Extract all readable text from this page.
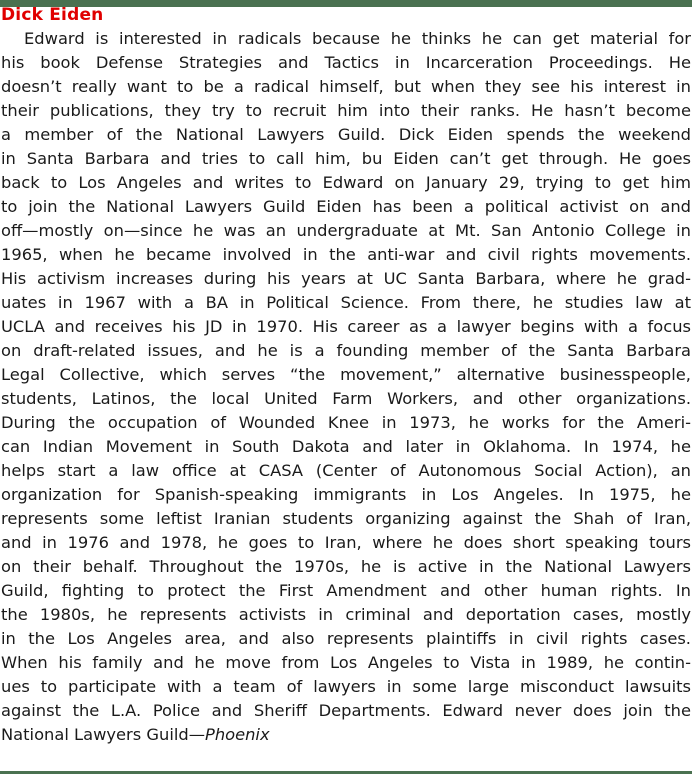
Dick Eiden
Edward is interested in radicals because he thinks he can get material for
his book Defense Strategies and Tactics in Incarceration Proceedings. He
doesn’t really want to be a radical himself, but when they see his interest in
their publications, they try to recruit him into their ranks. He hasn’t become
a member of the National Lawyers Guild. Dick Eiden spends the weekend
in Santa Barbara and tries to call him, bu Eiden can’t get through. He goes
back to Los Angeles and writes to Edward on January 29, trying to get him
to join the National Lawyers Guild Eiden has been a political activist on and
off—mostly on—since he was an undergraduate at Mt. San Antonio College in
1965, when he became involved in the anti-war and civil rights movements.
His activism increases during his years at UC Santa Barbara, where he grad-
uates in 1967 with a BA in Political Science. From there, he studies law at
UCLA and receives his JD in 1970. His career as a lawyer begins with a focus
on draft-related issues, and he is a founding member of the Santa Barbara
Legal Collective, which serves “the movement,” alternative businesspeople,
students, Latinos, the local United Farm Workers, and other organizations.
During the occupation of Wounded Knee in 1973, he works for the Ameri-
can Indian Movement in South Dakota and later in Oklahoma. In 1974, he
helps start a law office at CASA (Center of Autonomous Social Action), an
organization for Spanish-speaking immigrants in Los Angeles. In 1975, he
represents some leftist Iranian students organizing against the Shah of Iran,
and in 1976 and 1978, he goes to Iran, where he does short speaking tours
on their behalf. Throughout the 1970s, he is active in the National Lawyers
Guild, fighting to protect the First Amendment and other human rights. In
the 1980s, he represents activists in criminal and deportation cases, mostly
in the Los Angeles area, and also represents plaintiffs in civil rights cases.
When his family and he move from Los Angeles to Vista in 1989, he contin-
ues to participate with a team of lawyers in some large misconduct lawsuits
against the L.A. Police and Sheriff Departments. Edward never does join the
National Lawyers Guild—Phoenix
